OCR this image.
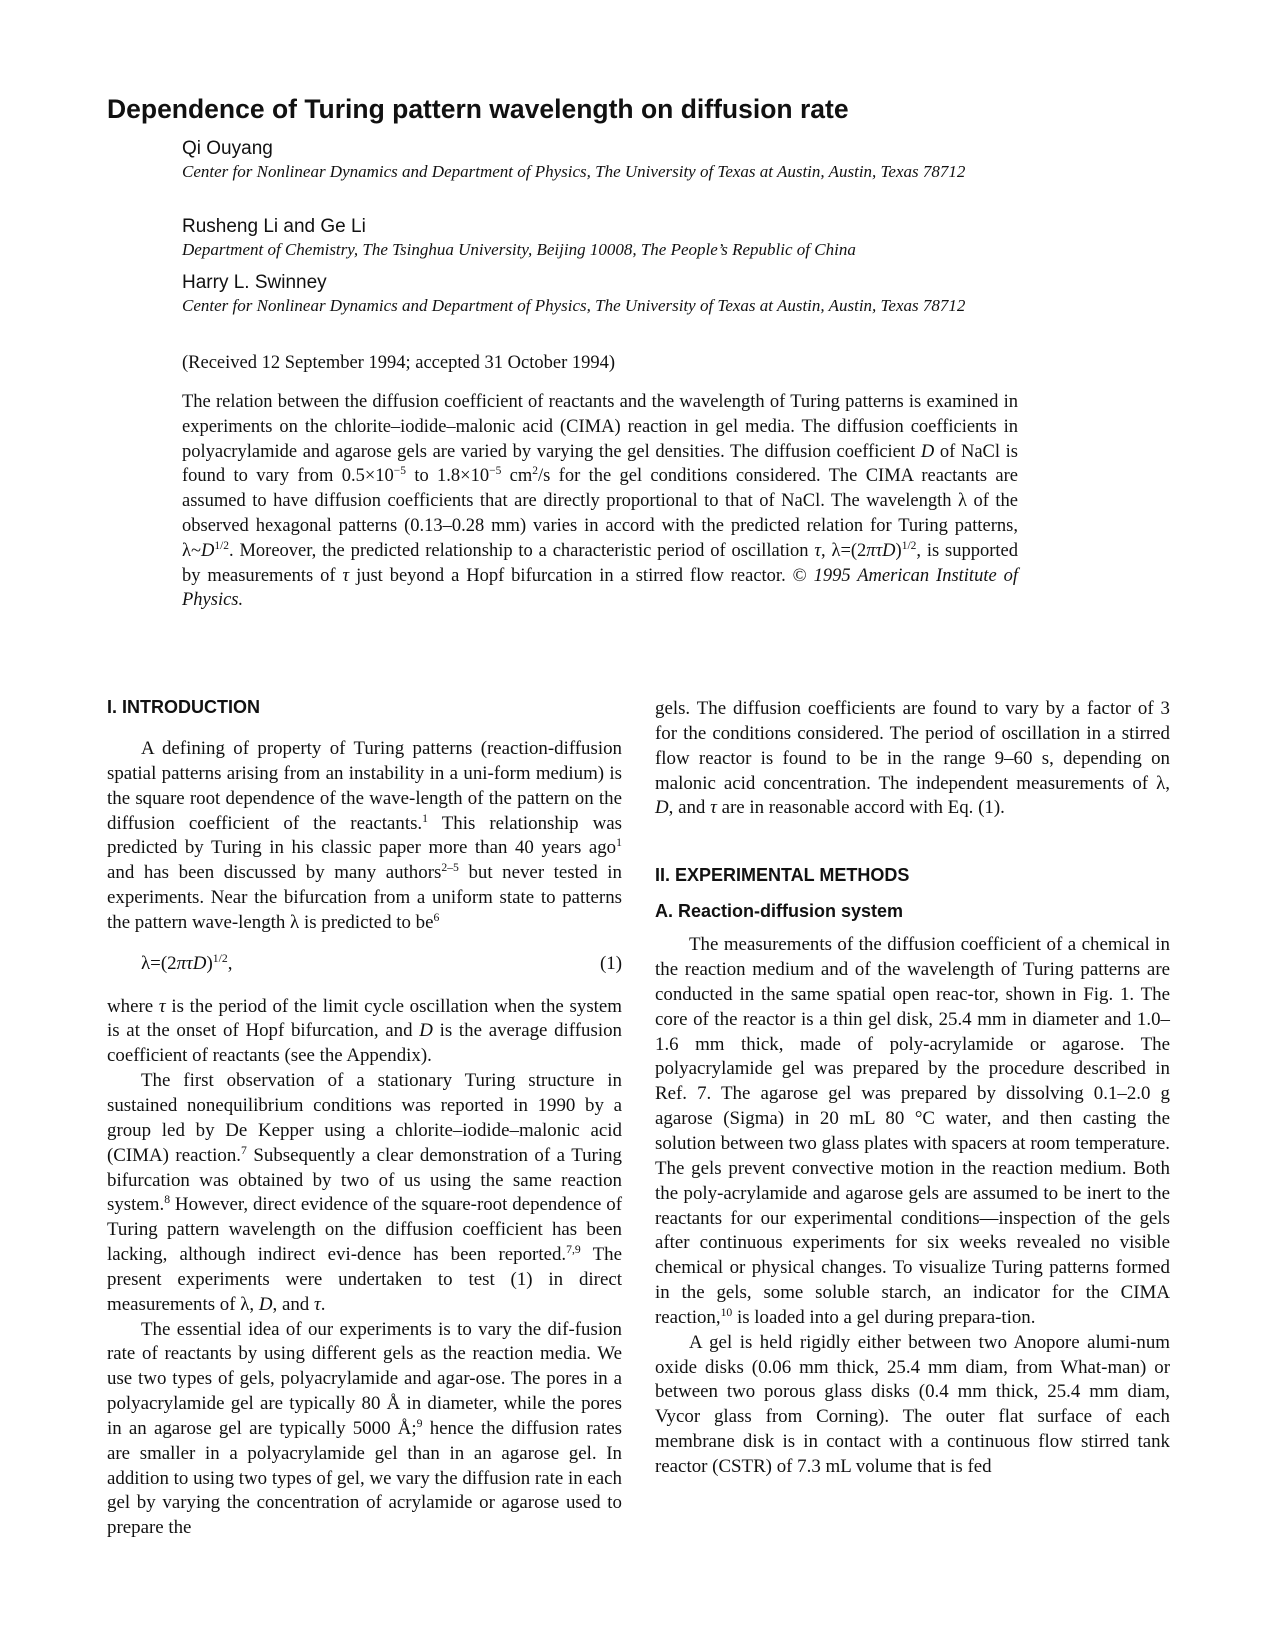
Dependence of Turing pattern wavelength on diffusion rate
Qi Ouyang
Center for Nonlinear Dynamics and Department of Physics, The University of Texas at Austin, Austin, Texas 78712
Rusheng Li and Ge Li
Department of Chemistry, The Tsinghua University, Beijing 10008, The People’s Republic of China
Harry L. Swinney
Center for Nonlinear Dynamics and Department of Physics, The University of Texas at Austin, Austin, Texas 78712
(Received 12 September 1994; accepted 31 October 1994)
The relation between the diffusion coefficient of reactants and the wavelength of Turing patterns is examined in experiments on the chlorite–iodide–malonic acid (CIMA) reaction in gel media. The diffusion coefficients in polyacrylamide and agarose gels are varied by varying the gel densities. The diffusion coefficient D of NaCl is found to vary from $0.5\times 10^{-5}$ to $1.8\times 10^{-5}$ $cm^2/s$ for the gel conditions considered. The CIMA reactants are assumed to have diffusion coefficients that are directly proportional to that of NaCl. The wavelength λ of the observed hexagonal patterns (0.13–0.28 mm) varies in accord with the predicted relation for Turing patterns, $\lambda\sim D^{1/2}$. Moreover, the predicted relationship to a characteristic period of oscillation τ, $\lambda=(2\pi\tau D)^{1/2}$, is supported by measurements of τ just beyond a Hopf bifurcation in a stirred flow reactor. © 1995 American Institute of Physics.
I. INTRODUCTION

A defining of property of Turing patterns (reaction-diffusion spatial patterns arising from an instability in a uni-form medium) is the square root dependence of the wave-length of the pattern on the diffusion coefficient of the reactants.$^1$ This relationship was predicted by Turing in his classic paper more than 40 years ago$^1$ and has been discussed by many authors$^{2-5}$ but never tested in experiments. Near the bifurcation from a uniform state to patterns the pattern wave-length λ is predicted to $be^6$

$\lambda=(2\pi\tau D)^{1/2}$,	(1)

where τ is the period of the limit cycle oscillation when the system is at the onset of Hopf bifurcation, and D is the average diffusion coefficient of reactants (see the Appendix).

The first observation of a stationary Turing structure in sustained nonequilibrium conditions was reported in 1990 by a group led by De Kepper using a chlorite–iodide–malonic acid (CIMA) reaction.$^7$ Subsequently a clear demonstration of a Turing bifurcation was obtained by two of us using the same reaction system.$^8$ However, direct evidence of the square-root dependence of Turing pattern wavelength on the diffusion coefficient has been lacking, although indirect evi-dence has been reported.$^{7,9}$ The present experiments were undertaken to test (1) in direct measurements of λ, D, and τ.

The essential idea of our experiments is to vary the dif-fusion rate of reactants by using different gels as the reaction media. We use two types of gels, polyacrylamide and agar-ose. The pores in a polyacrylamide gel are typically 80 Å in diameter, while the pores in an agarose gel are typically 5000 Å;$^9$ hence the diffusion rates are smaller in a polyacrylamide gel than in an agarose gel. In addition to using two types of gel, we vary the diffusion rate in each gel by varying the concentration of acrylamide or agarose used to prepare the

gels. The diffusion coefficients are found to vary by a factor of 3 for the conditions considered. The period of oscillation in a stirred flow reactor is found to be in the range 9–60 s, depending on malonic acid concentration. The independent measurements of λ, D, and τ are in reasonable accord with Eq. (1).

II. EXPERIMENTAL METHODS
A. Reaction-diffusion system

The measurements of the diffusion coefficient of a chemical in the reaction medium and of the wavelength of Turing patterns are conducted in the same spatial open reac-tor, shown in Fig. 1. The core of the reactor is a thin gel disk, 25.4 mm in diameter and 1.0–1.6 mm thick, made of poly-acrylamide or agarose. The polyacrylamide gel was prepared by the procedure described in Ref. 7. The agarose gel was prepared by dissolving 0.1–2.0 g agarose (Sigma) in 20 mL 80 °C water, and then casting the solution between two glass plates with spacers at room temperature. The gels prevent convective motion in the reaction medium. Both the poly-acrylamide and agarose gels are assumed to be inert to the reactants for our experimental conditions—inspection of the gels after continuous experiments for six weeks revealed no visible chemical or physical changes. To visualize Turing patterns formed in the gels, some soluble starch, an indicator for the CIMA reaction,$^{10}$ is loaded into a gel during prepara-tion.

A gel is held rigidly either between two Anopore alumi-num oxide disks (0.06 mm thick, 25.4 mm diam, from What-man) or between two porous glass disks (0.4 mm thick, 25.4 mm diam, Vycor glass from Corning). The outer flat surface of each membrane disk is in contact with a continuous flow stirred tank reactor (CSTR) of 7.3 mL volume that is fed
